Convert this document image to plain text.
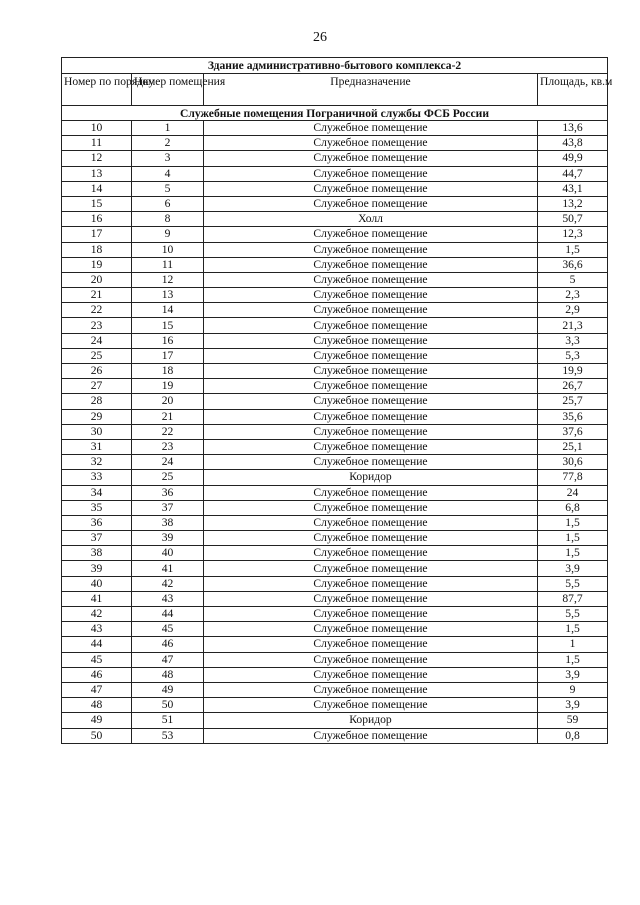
26
Здание административно-бытового комплекса-2			
Номер по порядку	Номер помещения	Предназначение	Площадь, кв.м
Служебные помещения Пограничной службы ФСБ России			
10	1	Служебное помещение	13,6
11	2	Служебное помещение	43,8
12	3	Служебное помещение	49,9
13	4	Служебное помещение	44,7
14	5	Служебное помещение	43,1
15	6	Служебное помещение	13,2
16	8	Холл	50,7
17	9	Служебное помещение	12,3
18	10	Служебное помещение	1,5
19	11	Служебное помещение	36,6
20	12	Служебное помещение	5
21	13	Служебное помещение	2,3
22	14	Служебное помещение	2,9
23	15	Служебное помещение	21,3
24	16	Служебное помещение	3,3
25	17	Служебное помещение	5,3
26	18	Служебное помещение	19,9
27	19	Служебное помещение	26,7
28	20	Служебное помещение	25,7
29	21	Служебное помещение	35,6
30	22	Служебное помещение	37,6
31	23	Служебное помещение	25,1
32	24	Служебное помещение	30,6
33	25	Коридор	77,8
34	36	Служебное помещение	24
35	37	Служебное помещение	6,8
36	38	Служебное помещение	1,5
37	39	Служебное помещение	1,5
38	40	Служебное помещение	1,5
39	41	Служебное помещение	3,9
40	42	Служебное помещение	5,5
41	43	Служебное помещение	87,7
42	44	Служебное помещение	5,5
43	45	Служебное помещение	1,5
44	46	Служебное помещение	1
45	47	Служебное помещение	1,5
46	48	Служебное помещение	3,9
47	49	Служебное помещение	9
48	50	Служебное помещение	3,9
49	51	Коридор	59
50	53	Служебное помещение	0,8
